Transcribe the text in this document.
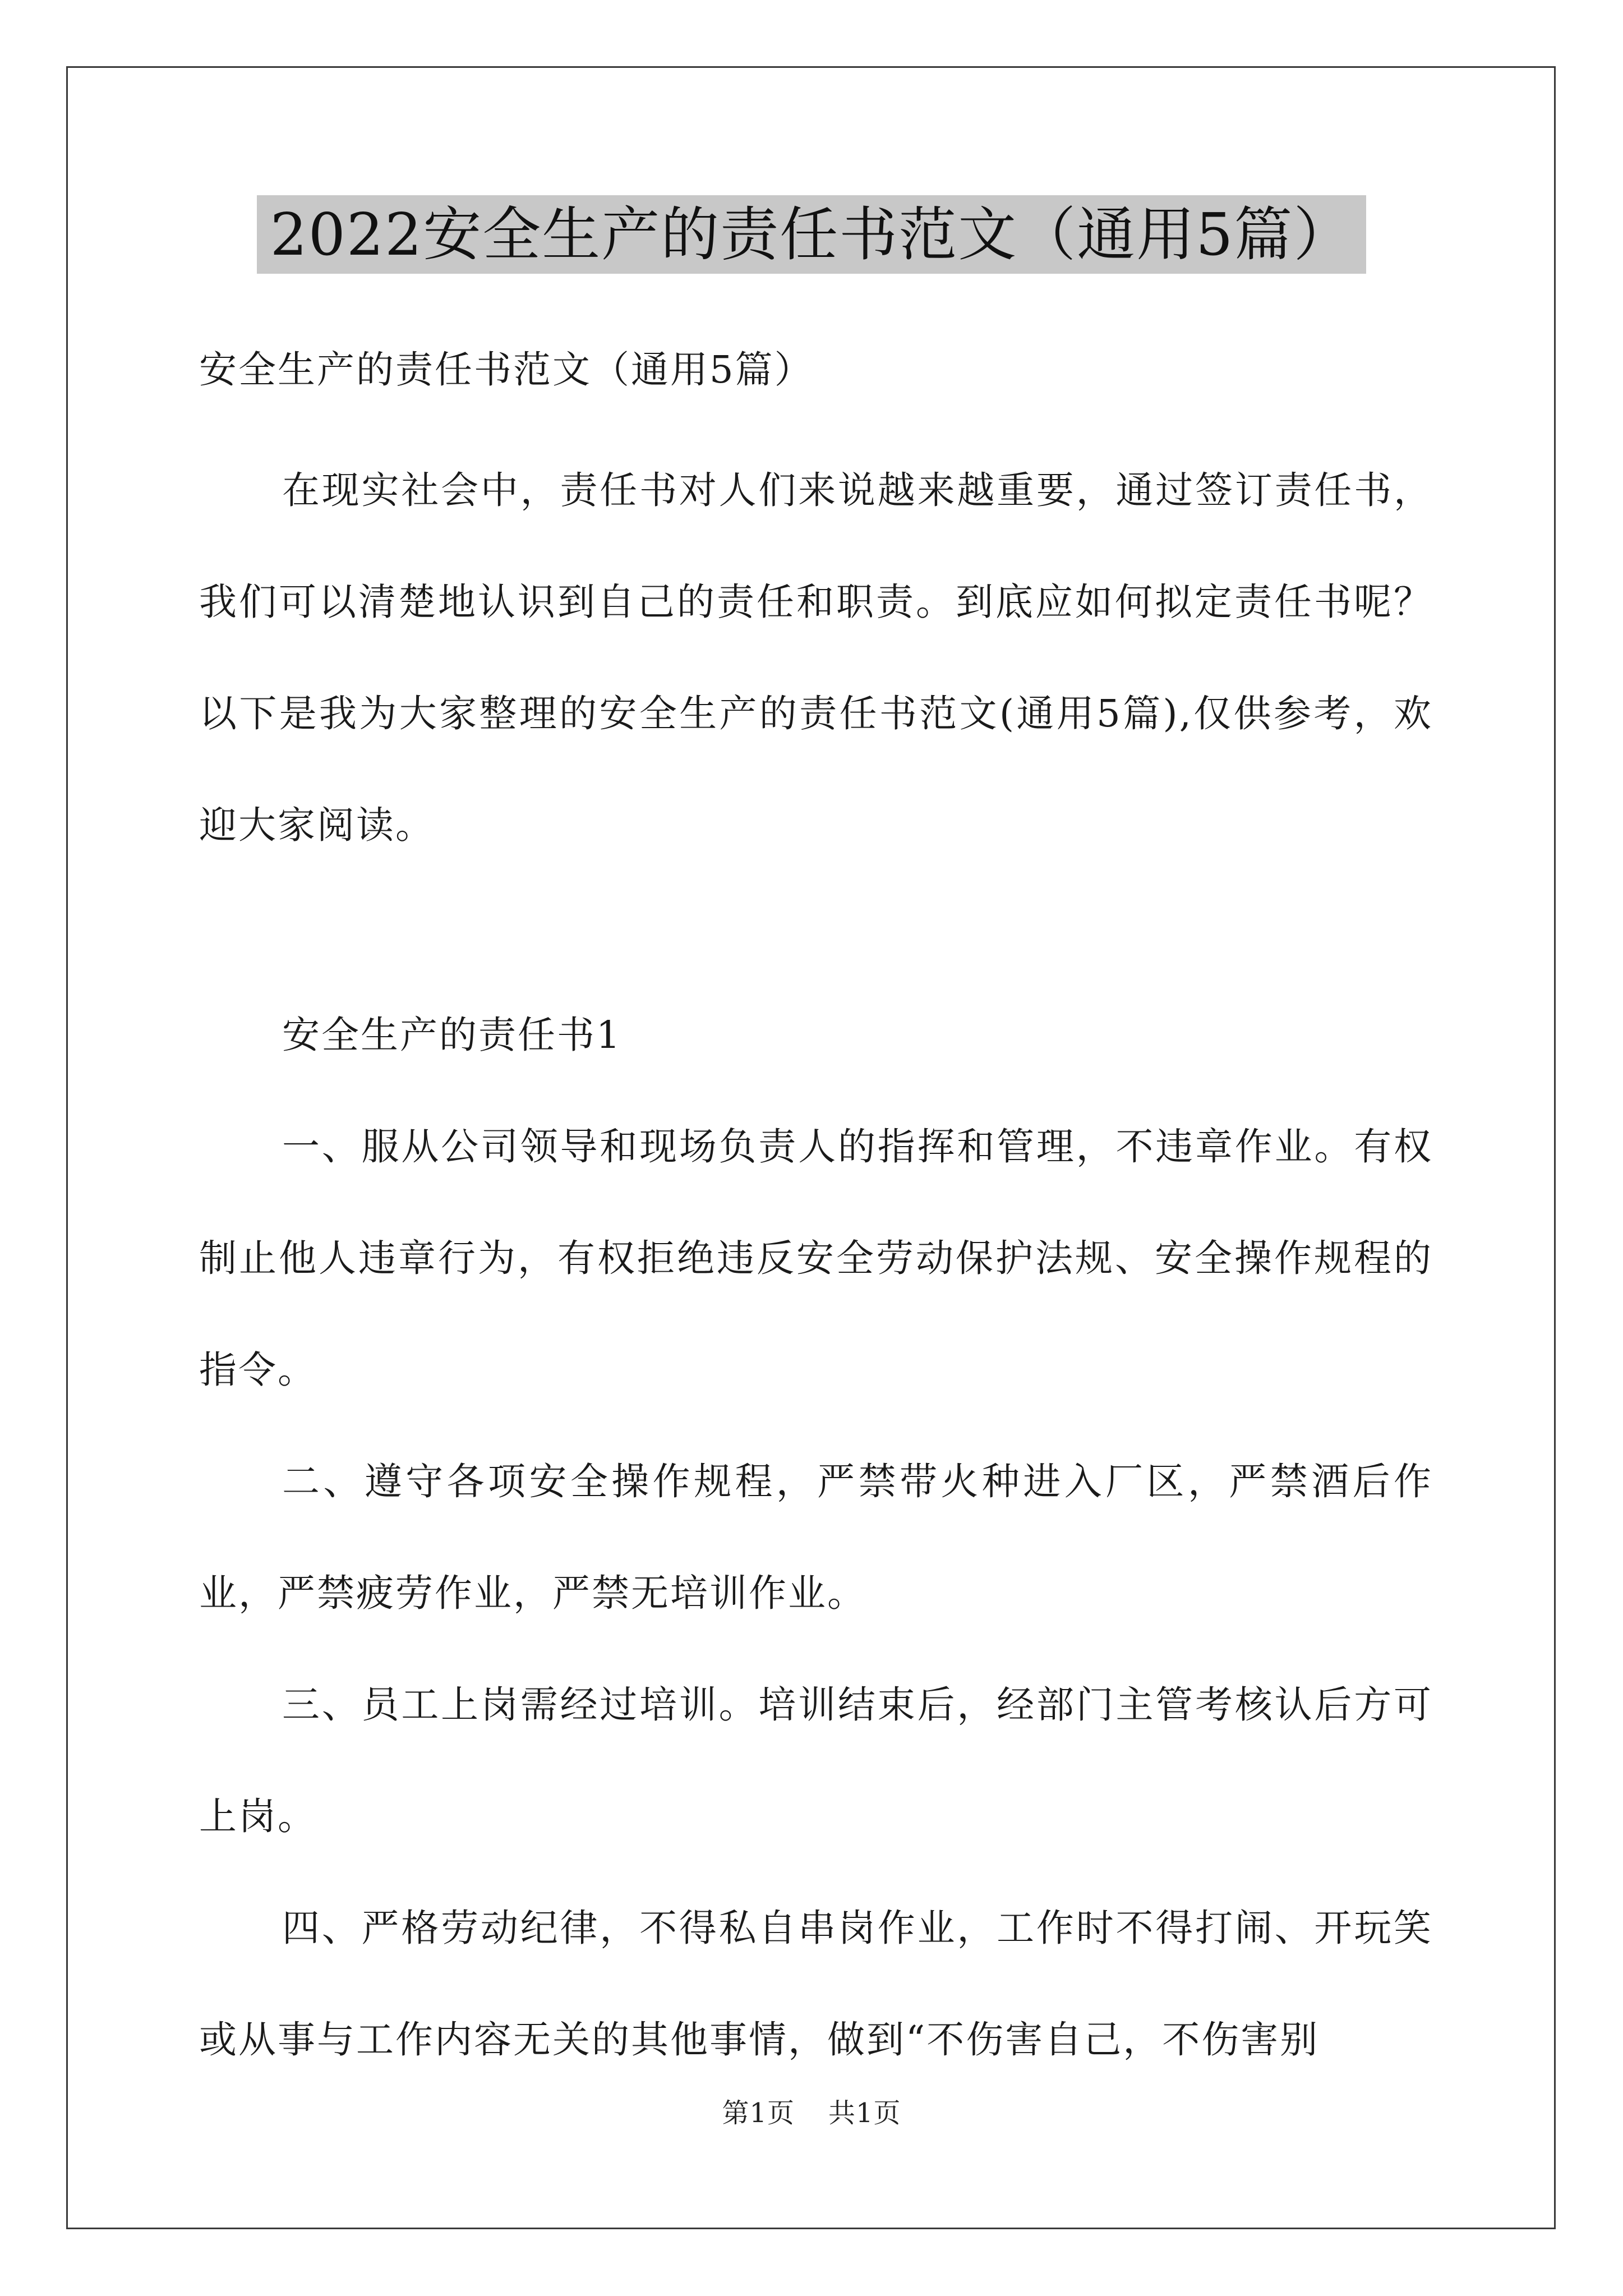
2022安全生产的责任书范文（通用5篇）

安全生产的责任书范文（通用5篇）

在现实社会中，责任书对人们来说越来越重要，通过签订责任书，我们可以清楚地认识到自己的责任和职责。到底应如何拟定责任书呢？以下是我为大家整理的安全生产的责任书范文(通用5篇),仅供参考，欢迎大家阅读。

安全生产的责任书1

一、服从公司领导和现场负责人的指挥和管理，不违章作业。有权制止他人违章行为，有权拒绝违反安全劳动保护法规、安全操作规程的指令。

二、遵守各项安全操作规程，严禁带火种进入厂区，严禁酒后作业，严禁疲劳作业，严禁无培训作业。

三、员工上岗需经过培训。培训结束后，经部门主管考核认后方可上岗。

四、严格劳动纪律，不得私自串岗作业，工作时不得打闹、开玩笑或从事与工作内容无关的其他事情，做到“不伤害自己，不伤害别

第1页 共1页
